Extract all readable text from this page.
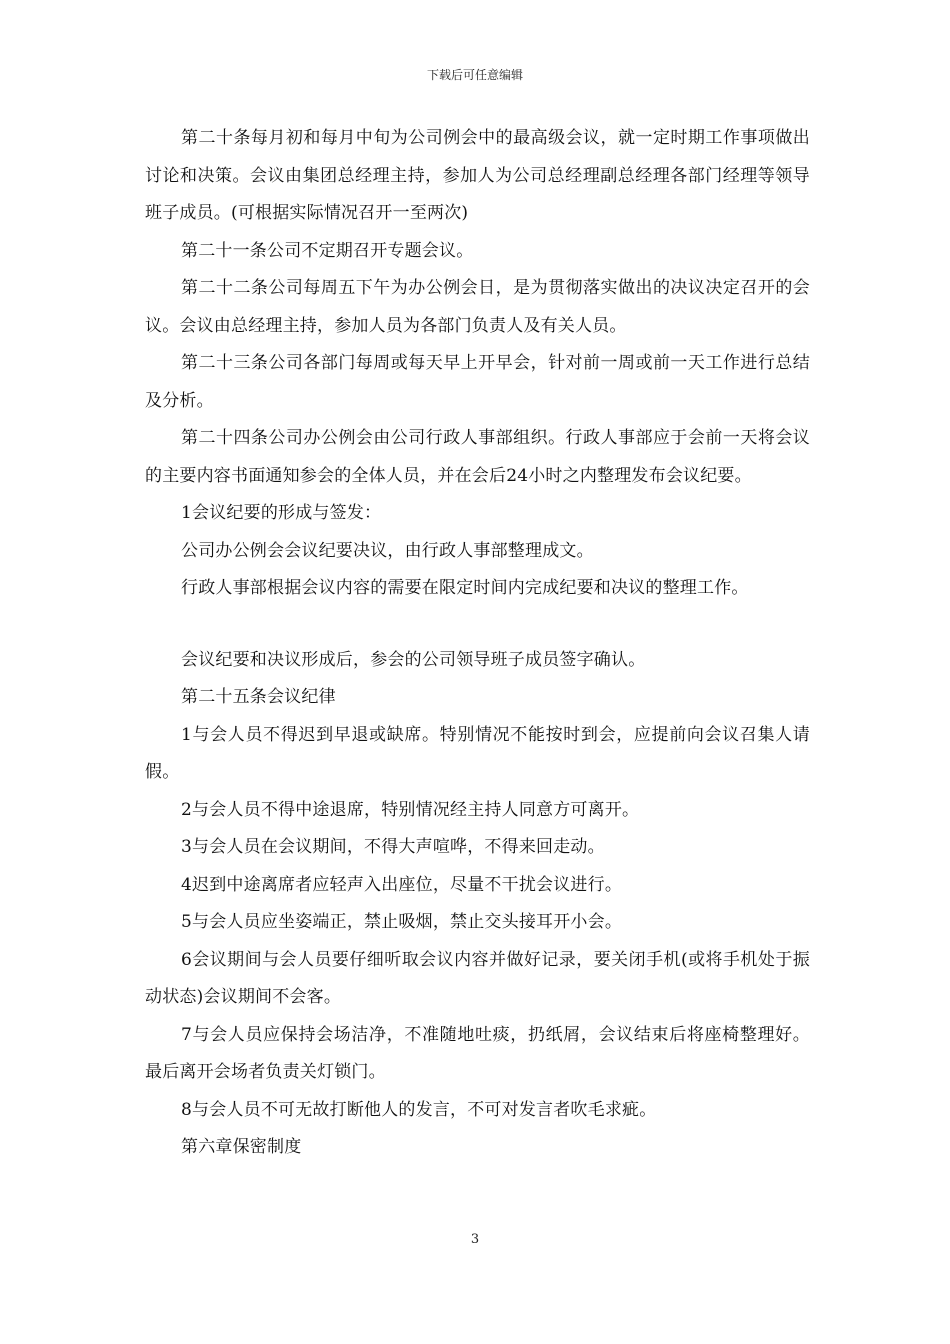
下载后可任意编辑

第二十条每月初和每月中旬为公司例会中的最高级会议，就一定时期工作事项做出讨论和决策。会议由集团总经理主持，参加人为公司总经理副总经理各部门经理等领导班子成员。(可根据实际情况召开一至两次)

第二十一条公司不定期召开专题会议。

第二十二条公司每周五下午为办公例会日，是为贯彻落实做出的决议决定召开的会议。会议由总经理主持，参加人员为各部门负责人及有关人员。

第二十三条公司各部门每周或每天早上开早会，针对前一周或前一天工作进行总结及分析。

第二十四条公司办公例会由公司行政人事部组织。行政人事部应于会前一天将会议的主要内容书面通知参会的全体人员，并在会后24小时之内整理发布会议纪要。

1会议纪要的形成与签发：

公司办公例会会议纪要决议，由行政人事部整理成文。

行政人事部根据会议内容的需要在限定时间内完成纪要和决议的整理工作。

会议纪要和决议形成后，参会的公司领导班子成员签字确认。

第二十五条会议纪律

1与会人员不得迟到早退或缺席。特别情况不能按时到会，应提前向会议召集人请假。

2与会人员不得中途退席，特别情况经主持人同意方可离开。

3与会人员在会议期间，不得大声喧哗，不得来回走动。

4迟到中途离席者应轻声入出座位，尽量不干扰会议进行。

5与会人员应坐姿端正，禁止吸烟，禁止交头接耳开小会。

6会议期间与会人员要仔细听取会议内容并做好记录，要关闭手机(或将手机处于振动状态)会议期间不会客。

7与会人员应保持会场洁净，不准随地吐痰，扔纸屑，会议结束后将座椅整理好。最后离开会场者负责关灯锁门。

8与会人员不可无故打断他人的发言，不可对发言者吹毛求疵。

第六章保密制度

3
